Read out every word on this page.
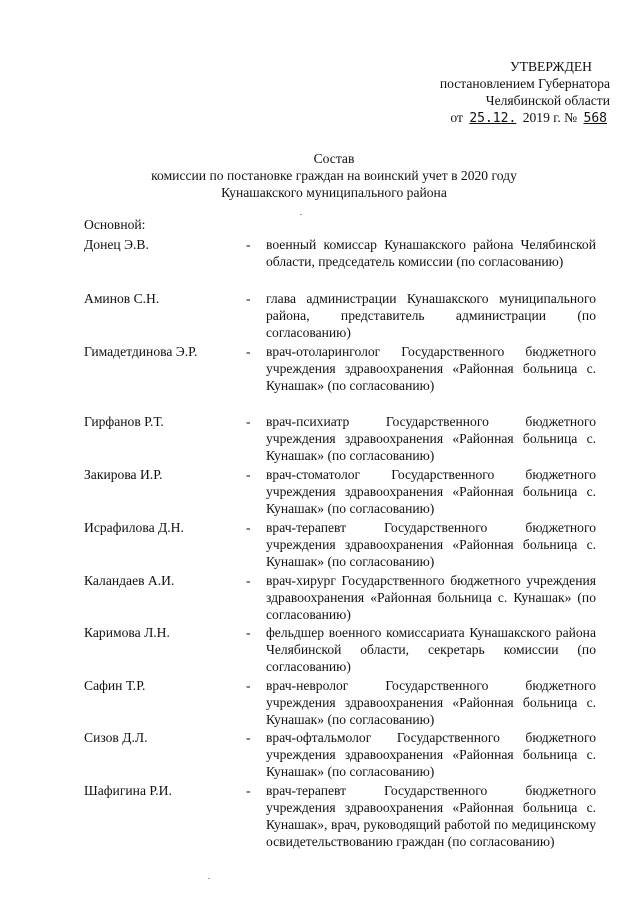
УТВЕРЖДЕН
постановлением Губернатора
Челябинской области
от 25.12. 2019 г. № 568
Состав
комиссии по постановке граждан на воинский учет в 2020 году
Кунашакского муниципального района
Основной:
Донец Э.В.	- военный комиссар Кунашакского района Челябинской области, председатель комиссии (по согласованию)
Аминов С.Н.	- глава администрации Кунашакского муниципального района, представитель администрации (по согласованию)
Гимадетдинова Э.Р.	- врач-отоларинголог Государственного бюджетного учреждения здравоохранения «Районная больница с. Кунашак» (по согласованию)
Гирфанов Р.Т.	- врач-психиатр Государственного бюджетного учреждения здравоохранения «Районная больница с. Кунашак» (по согласованию)
Закирова И.Р.	- врач-стоматолог Государственного бюджетного учреждения здравоохранения «Районная больница с. Кунашак» (по согласованию)
Исрафилова Д.Н.	- врач-терапевт Государственного бюджетного учреждения здравоохранения «Районная больница с. Кунашак» (по согласованию)
Каландаев А.И.	- врач-хирург Государственного бюджетного учреждения здравоохранения «Районная больница с. Кунашак» (по согласованию)
Каримова Л.Н.	- фельдшер военного комиссариата Кунашакского района Челябинской области, секретарь комиссии (по согласованию)
Сафин Т.Р.	- врач-невролог Государственного бюджетного учреждения здравоохранения «Районная больница с. Кунашак» (по согласованию)
Сизов Д.Л.	- врач-офтальмолог Государственного бюджетного учреждения здравоохранения «Районная больница с. Кунашак» (по согласованию)
Шафигина Р.И.	- врач-терапевт Государственного бюджетного учреждения здравоохранения «Районная больница с. Кунашак», врач, руководящий работой по медицинскому освидетельствованию граждан (по согласованию)
